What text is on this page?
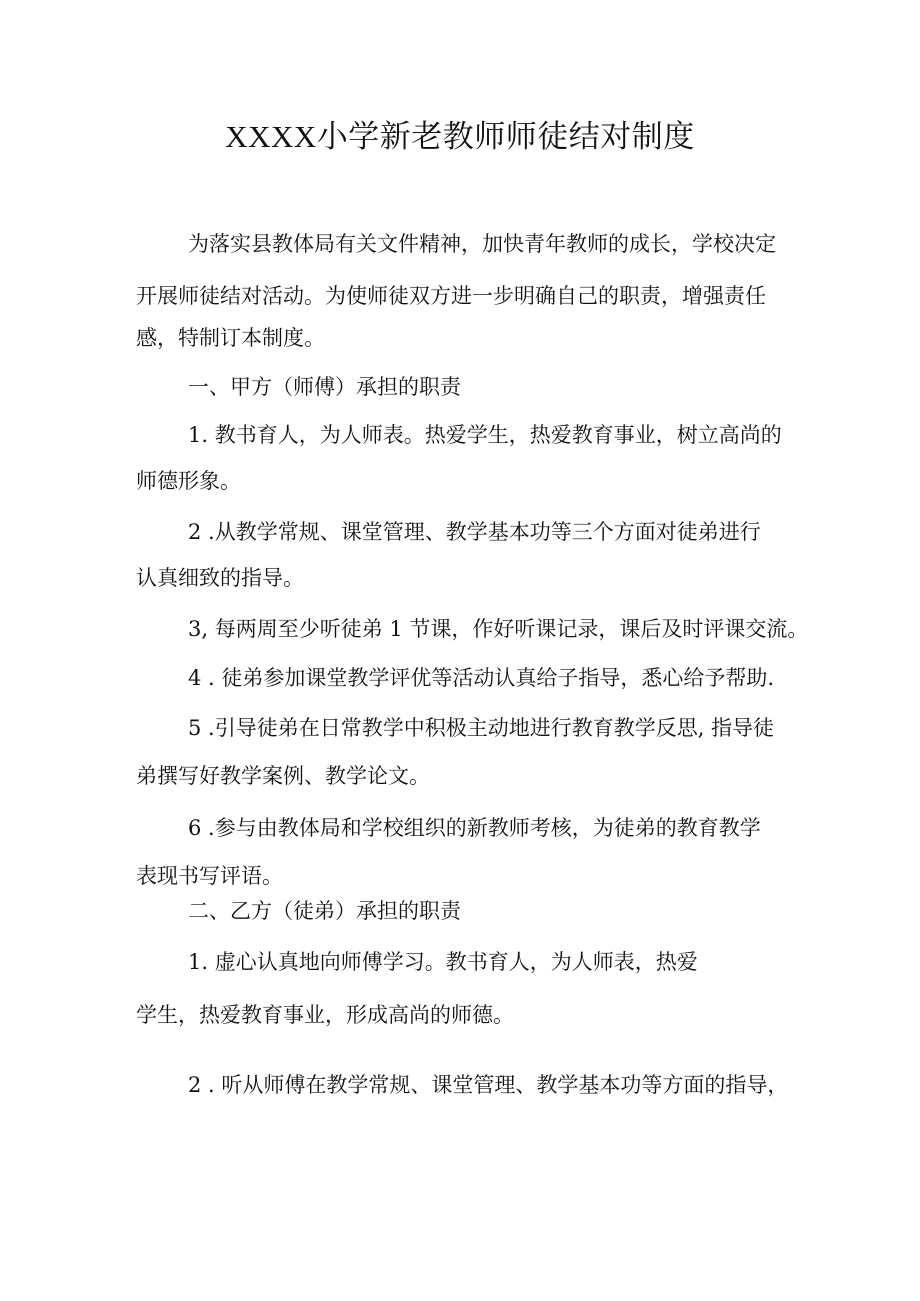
XXXX小学新老教师师徒结对制度
为落实县教体局有关文件精神，加快青年教师的成长，学校决定
开展师徒结对活动。为使师徒双方进一步明确自己的职责，增强责任
感，特制订本制度。
一、甲方（师傅）承担的职责
1. 教书育人，为人师表。热爱学生，热爱教育事业，树立高尚的
师德形象。
2 .从教学常规、课堂管理、教学基本功等三个方面对徒弟进行
认真细致的指导。
3, 每两周至少听徒弟 1 节课，作好听课记录，课后及时评课交流。
4 . 徒弟参加课堂教学评优等活动认真给子指导，悉心给予帮助.
5 .引导徒弟在日常教学中积极主动地进行教育教学反思, 指导徒
弟撰写好教学案例、教学论文。
6 .参与由教体局和学校组织的新教师考核，为徒弟的教育教学
表现书写评语。
二、乙方（徒弟）承担的职责
1. 虚心认真地向师傅学习。教书育人，为人师表，热爱
学生，热爱教育事业，形成高尚的师德。
2 . 听从师傅在教学常规、课堂管理、教学基本功等方面的指导，
